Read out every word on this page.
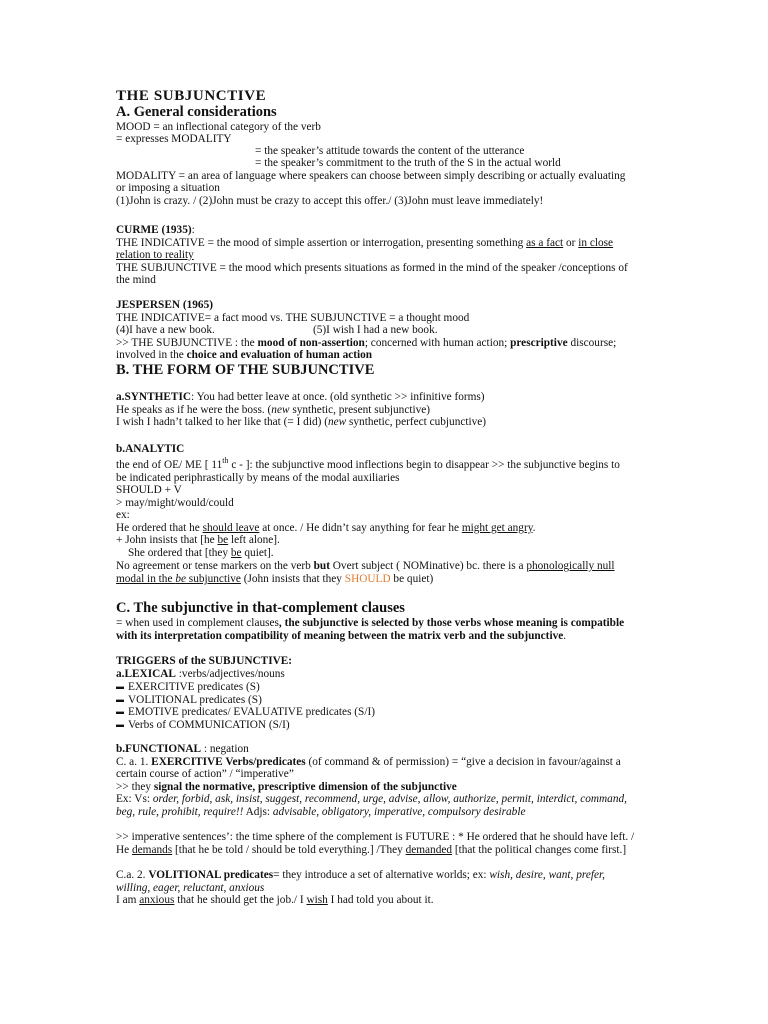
THE SUBJUNCTIVE
A. General considerations
MOOD = an inflectional category of the verb
= expresses MODALITY
= the speaker’s attitude towards the content of the utterance
= the speaker’s commitment to the truth of the S in the actual world
MODALITY = an area of language where speakers can choose between simply describing or actually evaluating
or imposing a situation
(1)John is crazy. / (2)John must be crazy to accept this offer./ (3)John must leave immediately!
CURME (1935):
THE INDICATIVE = the mood of simple assertion or interrogation, presenting something as a fact or in close
relation to reality
THE SUBJUNCTIVE = the mood which presents situations as formed in the mind of the speaker /conceptions of
the mind
JESPERSEN (1965)
THE INDICATIVE= a fact mood vs. THE SUBJUNCTIVE = a thought mood
(4)I have a new book.	(5)I wish I had a new book.
>> THE SUBJUNCTIVE : the mood of non-assertion; concerned with human action; prescriptive discourse;
involved in the choice and evaluation of human action
B. THE FORM OF THE SUBJUNCTIVE
a.SYNTHETIC: You had better leave at once. (old synthetic >> infinitive forms)
He speaks as if he were the boss. (new synthetic, present subjunctive)
I wish I hadn’t talked to her like that (= I did) (new synthetic, perfect cubjunctive)
b.ANALYTIC
the end of OE/ ME [ 11th c - ]: the subjunctive mood inflections begin to disappear >> the subjunctive begins to
be indicated periphrastically by means of the modal auxiliaries
SHOULD + V
> may/might/would/could
ex:
He ordered that he should leave at once. / He didn’t say anything for fear he might get angry.
+ John insists that [he be left alone].
She ordered that [they be quiet].
No agreement or tense markers on the verb but Overt subject ( NOMinative) bc. there is a phonologically null
modal in the be subjunctive (John insists that they SHOULD be quiet)
C. The subjunctive in that-complement clauses
= when used in complement clauses, the subjunctive is selected by those verbs whose meaning is compatible
with its interpretation compatibility of meaning between the matrix verb and the subjunctive.
TRIGGERS of the SUBJUNCTIVE:
a.LEXICAL :verbs/adjectives/nouns
▬ EXERCITIVE predicates (S)
▬ VOLITIONAL predicates (S)
▬ EMOTIVE predicates/ EVALUATIVE predicates (S/I)
▬ Verbs of COMMUNICATION (S/I)
b.FUNCTIONAL : negation
C. a. 1. EXERCITIVE Verbs/predicates (of command & of permission) = “give a decision in favour/against a
certain course of action” / “imperative”
>> they signal the normative, prescriptive dimension of the subjunctive
Ex: Vs: order, forbid, ask, insist, suggest, recommend, urge, advise, allow, authorize, permit, interdict, command,
beg, rule, prohibit, require!! Adjs: advisable, obligatory, imperative, compulsory desirable
>> imperative sentences’: the time sphere of the complement is FUTURE : * He ordered that he should have left. /
He demands [that he be told / should be told everything.] /They demanded [that the political changes come first.]
C.a. 2. VOLITIONAL predicates= they introduce a set of alternative worlds; ex: wish, desire, want, prefer,
willing, eager, reluctant, anxious
I am anxious that he should get the job./ I wish I had told you about it.
